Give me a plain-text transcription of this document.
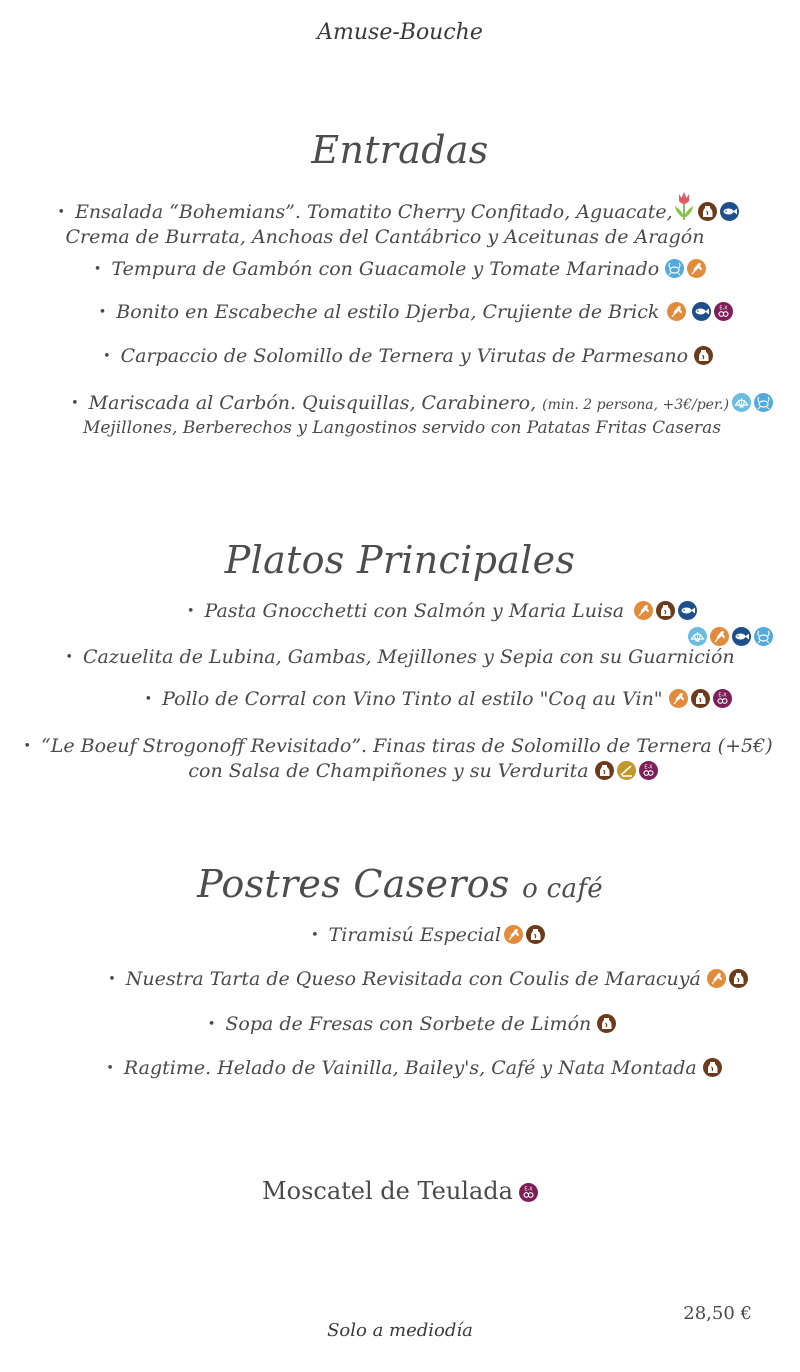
Amuse-Bouche
Entradas
• Ensalada “Bohemians”. Tomatito Cherry Confitado, Aguacate,
Crema de Burrata, Anchoas del Cantábrico y Aceitunas de Aragón
• Tempura de Gambón con Guacamole y Tomate Marinado
• Bonito en Escabeche al estilo Djerba, Crujiente de Brick
• Carpaccio de Solomillo de Ternera y Virutas de Parmesano
• Mariscada al Carbón. Quisquillas, Carabinero, (min. 2 persona, +3€/per.)
Mejillones, Berberechos y Langostinos servido con Patatas Fritas Caseras
Platos Principales
• Pasta Gnocchetti con Salmón y Maria Luisa
• Cazuelita de Lubina, Gambas, Mejillones y Sepia con su Guarnición
• Pollo de Corral con Vino Tinto al estilo "Coq au Vin"
• “Le Boeuf Strogonoff Revisitado”. Finas tiras de Solomillo de Ternera (+5€)
con Salsa de Champiñones y su Verdurita
Postres Caseros o café
• Tiramisú Especial
• Nuestra Tarta de Queso Revisitada con Coulis de Maracuyá
• Sopa de Fresas con Sorbete de Limón
• Ragtime. Helado de Vainilla, Bailey's, Café y Nata Montada
Moscatel de Teulada
28,50 €
Solo a mediodía
